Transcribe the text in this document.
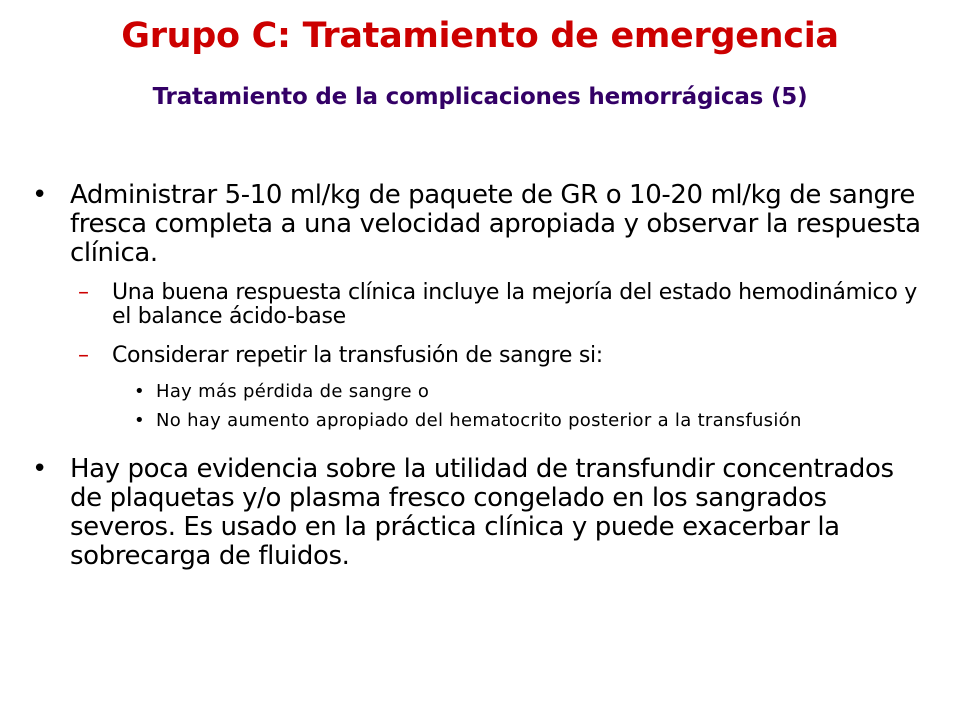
Grupo C: Tratamiento de emergencia
Tratamiento de la complicaciones hemorrágicas (5)
• Administrar 5-10 ml/kg de paquete de GR o 10-20 ml/kg de sangre fresca completa a una velocidad apropiada y observar la respuesta clínica.
– Una buena respuesta clínica incluye la mejoría del estado hemodinámico y el balance ácido-base
– Considerar repetir la transfusión de sangre si:
• Hay más pérdida de sangre o
• No hay aumento apropiado del hematocrito posterior a la transfusión
• Hay poca evidencia sobre la utilidad de transfundir concentrados de plaquetas y/o plasma fresco congelado en los sangrados severos. Es usado en la práctica clínica y puede exacerbar la sobrecarga de fluidos.
